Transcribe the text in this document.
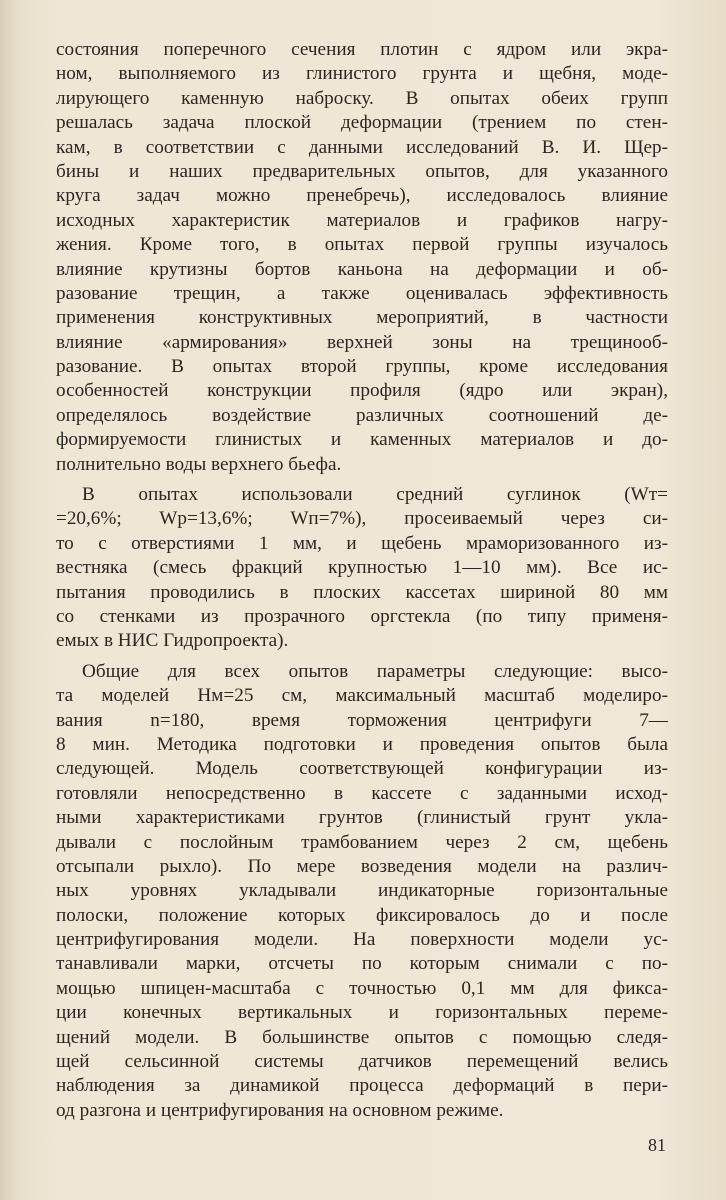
состояния поперечного сечения плотин с ядром или экра-
ном, выполняемого из глинистого грунта и щебня, моде-
лирующего каменную наброску. В опытах обеих групп
решалась задача плоской деформации (трением по стен-
кам, в соответствии с данными исследований В. И. Щер-
бины и наших предварительных опытов, для указанного
круга задач можно пренебречь), исследовалось влияние
исходных характеристик материалов и графиков нагру-
жения. Кроме того, в опытах первой группы изучалось
влияние крутизны бортов каньона на деформации и об-
разование трещин, а также оценивалась эффективность
применения конструктивных мероприятий, в частности
влияние «армирования» верхней зоны на трещинооб-
разование. В опытах второй группы, кроме исследования
особенностей конструкции профиля (ядро или экран),
определялось воздействие различных соотношений де-
формируемости глинистых и каменных материалов и до-
полнительно воды верхнего бьефа.
В опытах использовали средний суглинок (Wт=
=20,6%; Wp=13,6%; Wп=7%), просеиваемый через си-
то с отверстиями 1 мм, и щебень мраморизованного из-
вестняка (смесь фракций крупностью 1—10 мм). Все ис-
пытания проводились в плоских кассетах шириной 80 мм
со стенками из прозрачного оргстекла (по типу применя-
емых в НИС Гидропроекта).
Общие для всех опытов параметры следующие: высо-
та моделей Hм=25 см, максимальный масштаб моделиро-
вания n=180, время торможения центрифуги 7—
8 мин. Методика подготовки и проведения опытов была
следующей. Модель соответствующей конфигурации из-
готовляли непосредственно в кассете с заданными исход-
ными характеристиками грунтов (глинистый грунт укла-
дывали с послойным трамбованием через 2 см, щебень
отсыпали рыхло). По мере возведения модели на различ-
ных уровнях укладывали индикаторные горизонтальные
полоски, положение которых фиксировалось до и после
центрифугирования модели. На поверхности модели ус-
танавливали марки, отсчеты по которым снимали с по-
мощью шпицен-масштаба с точностью 0,1 мм для фикса-
ции конечных вертикальных и горизонтальных переме-
щений модели. В большинстве опытов с помощью следя-
щей сельсинной системы датчиков перемещений велись
наблюдения за динамикой процесса деформаций в пери-
од разгона и центрифугирования на основном режиме.
81
